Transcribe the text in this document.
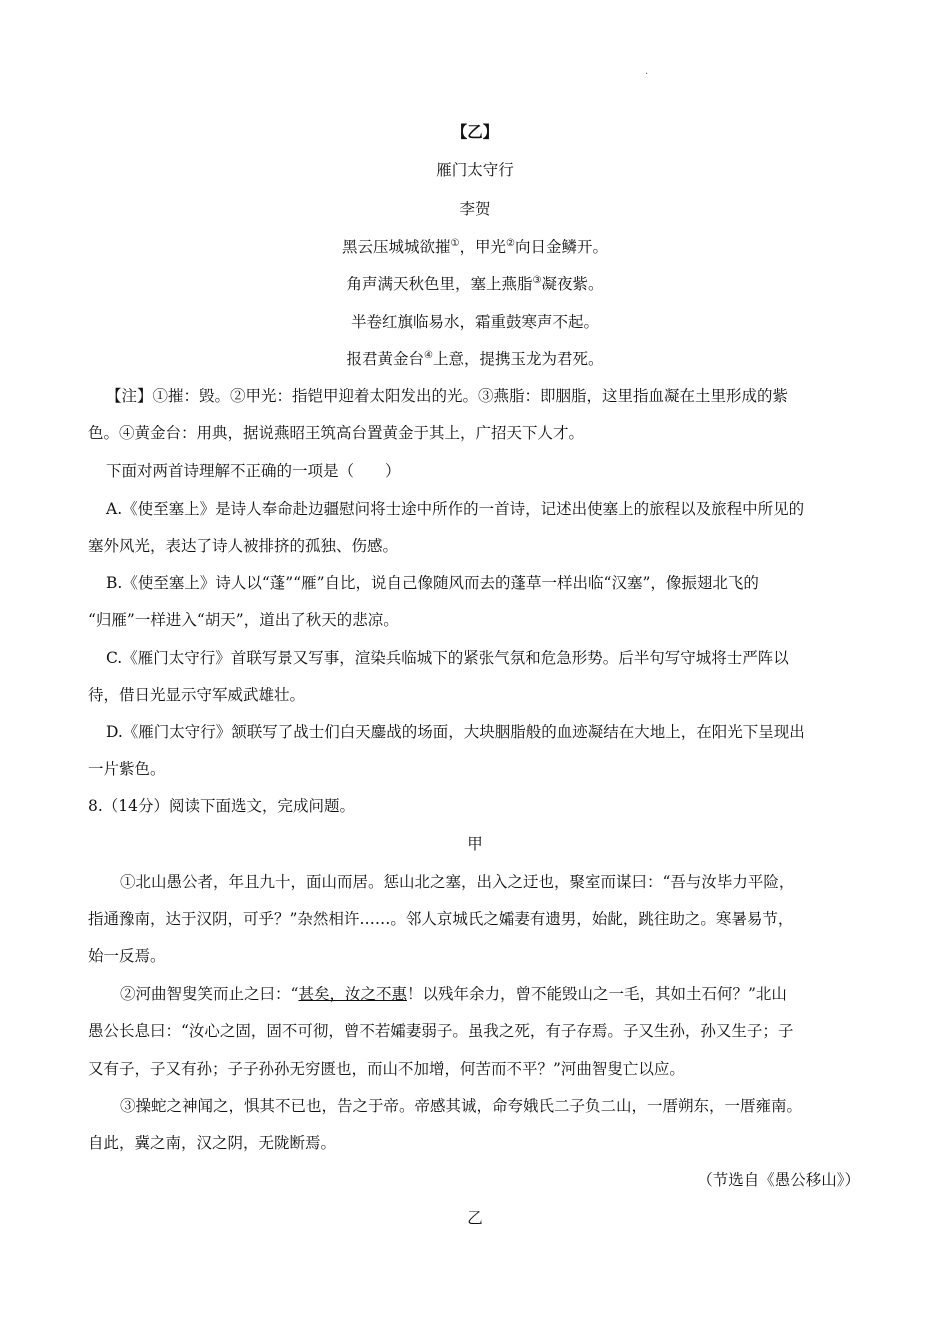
.
【乙】
雁门太守行
李贺
黑云压城城欲摧①，甲光②向日金鳞开。
角声满天秋色里，塞上燕脂③凝夜紫。
半卷红旗临易水，霜重鼓寒声不起。
报君黄金台④上意，提携玉龙为君死。
【注】①摧：毁。②甲光：指铠甲迎着太阳发出的光。③燕脂：即胭脂，这里指血凝在土里形成的紫
色。④黄金台：用典，据说燕昭王筑高台置黄金于其上，广招天下人才。
下面对两首诗理解不正确的一项是（　　）
A.《使至塞上》是诗人奉命赴边疆慰问将士途中所作的一首诗，记述出使塞上的旅程以及旅程中所见的
塞外风光，表达了诗人被排挤的孤独、伤感。
B.《使至塞上》诗人以“蓬”“雁”自比，说自己像随风而去的蓬草一样出临“汉塞”，像振翅北飞的
“归雁”一样进入“胡天”，道出了秋天的悲凉。
C.《雁门太守行》首联写景又写事，渲染兵临城下的紧张气氛和危急形势。后半句写守城将士严阵以
待，借日光显示守军威武雄壮。
D.《雁门太守行》颔联写了战士们白天鏖战的场面，大块胭脂般的血迹凝结在大地上，在阳光下呈现出
一片紫色。
8.（14分）阅读下面选文，完成问题。
甲
①北山愚公者，年且九十，面山而居。惩山北之塞，出入之迂也，聚室而谋曰：“吾与汝毕力平险，
指通豫南，达于汉阴，可乎？”杂然相许……。邻人京城氏之孀妻有遗男，始龀，跳往助之。寒暑易节，
始一反焉。
②河曲智叟笑而止之曰：“甚矣，汝之不惠！以残年余力，曾不能毁山之一毛，其如土石何？”北山
愚公长息曰：“汝心之固，固不可彻，曾不若孀妻弱子。虽我之死，有子存焉。子又生孙，孙又生子；子
又有子，子又有孙；子子孙孙无穷匮也，而山不加增，何苦而不平？”河曲智叟亡以应。
③操蛇之神闻之，惧其不已也，告之于帝。帝感其诚，命夸娥氏二子负二山，一厝朔东，一厝雍南。
自此，冀之南，汉之阴，无陇断焉。
（节选自《愚公移山》）
乙
